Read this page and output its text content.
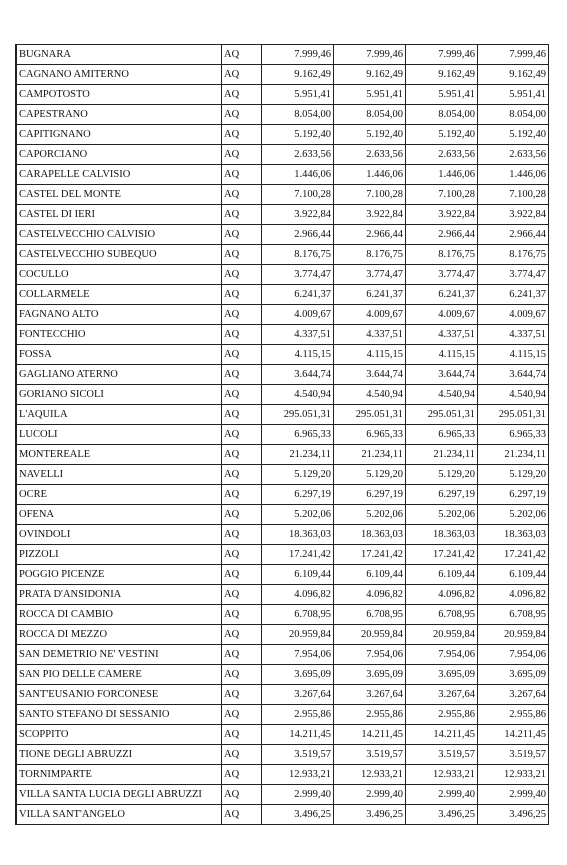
BUGNARA	AQ	7.999,46	7.999,46	7.999,46	7.999,46
CAGNANO AMITERNO	AQ	9.162,49	9.162,49	9.162,49	9.162,49
CAMPOTOSTO	AQ	5.951,41	5.951,41	5.951,41	5.951,41
CAPESTRANO	AQ	8.054,00	8.054,00	8.054,00	8.054,00
CAPITIGNANO	AQ	5.192,40	5.192,40	5.192,40	5.192,40
CAPORCIANO	AQ	2.633,56	2.633,56	2.633,56	2.633,56
CARAPELLE CALVISIO	AQ	1.446,06	1.446,06	1.446,06	1.446,06
CASTEL DEL MONTE	AQ	7.100,28	7.100,28	7.100,28	7.100,28
CASTEL DI IERI	AQ	3.922,84	3.922,84	3.922,84	3.922,84
CASTELVECCHIO CALVISIO	AQ	2.966,44	2.966,44	2.966,44	2.966,44
CASTELVECCHIO SUBEQUO	AQ	8.176,75	8.176,75	8.176,75	8.176,75
COCULLO	AQ	3.774,47	3.774,47	3.774,47	3.774,47
COLLARMELE	AQ	6.241,37	6.241,37	6.241,37	6.241,37
FAGNANO ALTO	AQ	4.009,67	4.009,67	4.009,67	4.009,67
FONTECCHIO	AQ	4.337,51	4.337,51	4.337,51	4.337,51
FOSSA	AQ	4.115,15	4.115,15	4.115,15	4.115,15
GAGLIANO ATERNO	AQ	3.644,74	3.644,74	3.644,74	3.644,74
GORIANO SICOLI	AQ	4.540,94	4.540,94	4.540,94	4.540,94
L'AQUILA	AQ	295.051,31	295.051,31	295.051,31	295.051,31
LUCOLI	AQ	6.965,33	6.965,33	6.965,33	6.965,33
MONTEREALE	AQ	21.234,11	21.234,11	21.234,11	21.234,11
NAVELLI	AQ	5.129,20	5.129,20	5.129,20	5.129,20
OCRE	AQ	6.297,19	6.297,19	6.297,19	6.297,19
OFENA	AQ	5.202,06	5.202,06	5.202,06	5.202,06
OVINDOLI	AQ	18.363,03	18.363,03	18.363,03	18.363,03
PIZZOLI	AQ	17.241,42	17.241,42	17.241,42	17.241,42
POGGIO PICENZE	AQ	6.109,44	6.109,44	6.109,44	6.109,44
PRATA D'ANSIDONIA	AQ	4.096,82	4.096,82	4.096,82	4.096,82
ROCCA DI CAMBIO	AQ	6.708,95	6.708,95	6.708,95	6.708,95
ROCCA DI MEZZO	AQ	20.959,84	20.959,84	20.959,84	20.959,84
SAN DEMETRIO NE' VESTINI	AQ	7.954,06	7.954,06	7.954,06	7.954,06
SAN PIO DELLE CAMERE	AQ	3.695,09	3.695,09	3.695,09	3.695,09
SANT'EUSANIO FORCONESE	AQ	3.267,64	3.267,64	3.267,64	3.267,64
SANTO STEFANO DI SESSANIO	AQ	2.955,86	2.955,86	2.955,86	2.955,86
SCOPPITO	AQ	14.211,45	14.211,45	14.211,45	14.211,45
TIONE DEGLI ABRUZZI	AQ	3.519,57	3.519,57	3.519,57	3.519,57
TORNIMPARTE	AQ	12.933,21	12.933,21	12.933,21	12.933,21
VILLA SANTA LUCIA DEGLI ABRUZZI	AQ	2.999,40	2.999,40	2.999,40	2.999,40
VILLA SANT'ANGELO	AQ	3.496,25	3.496,25	3.496,25	3.496,25
